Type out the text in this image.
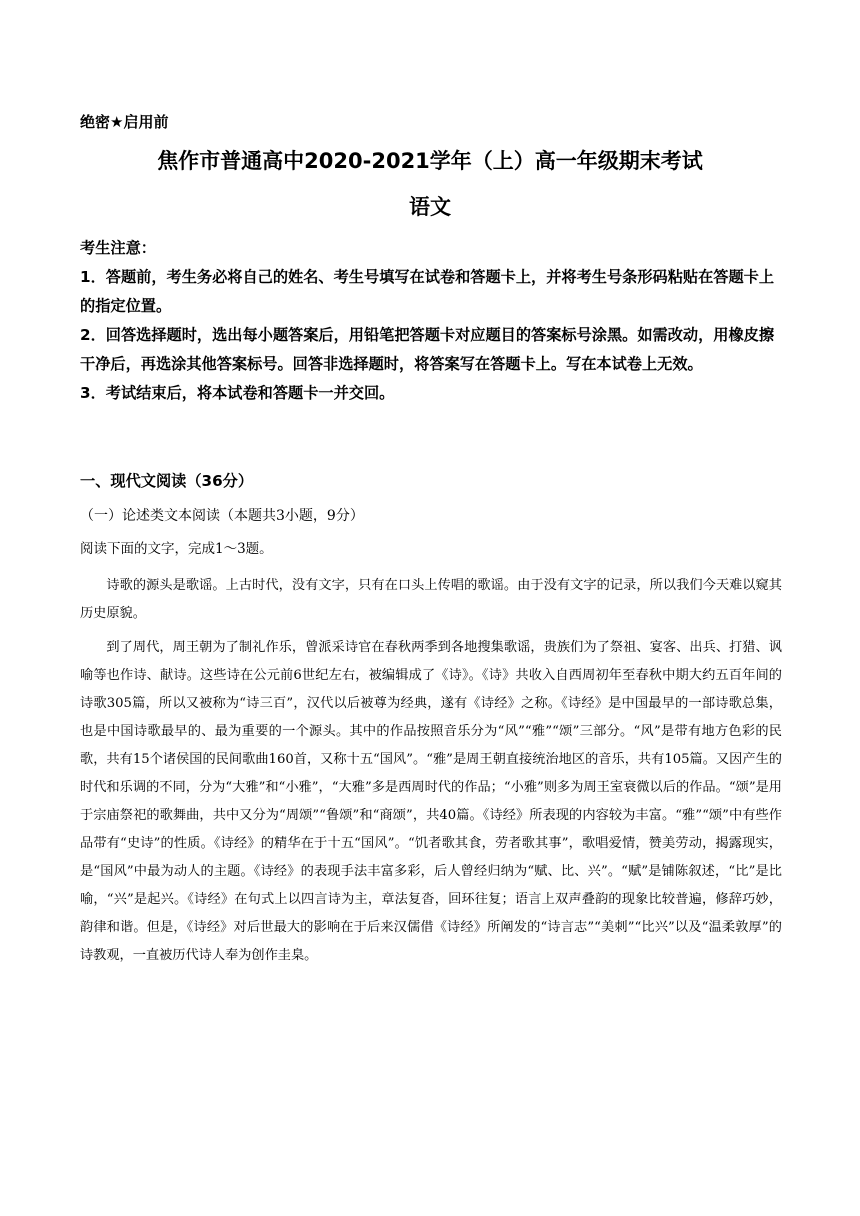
绝密★启用前
焦作市普通高中2020-2021学年（上）高一年级期末考试
语文

考生注意：

1．答题前，考生务必将自己的姓名、考生号填写在试卷和答题卡上，并将考生号条形码粘贴在答题卡上的指定位置。

2．回答选择题时，选出每小题答案后，用铅笔把答题卡对应题目的答案标号涂黑。如需改动，用橡皮擦干净后，再选涂其他答案标号。回答非选择题时，将答案写在答题卡上。写在本试卷上无效。

3．考试结束后，将本试卷和答题卡一并交回。

一、现代文阅读（36分）
（一）论述类文本阅读（本题共3小题，9分）
阅读下面的文字，完成1～3题。

诗歌的源头是歌谣。上古时代，没有文字，只有在口头上传唱的歌谣。由于没有文字的记录，所以我们今天难以窥其历史原貌。

到了周代，周王朝为了制礼作乐，曾派采诗官在春秋两季到各地搜集歌谣，贵族们为了祭祖、宴客、出兵、打猎、讽喻等也作诗、献诗。这些诗在公元前6世纪左右，被编辑成了《诗》。《诗》共收入自西周初年至春秋中期大约五百年间的诗歌305篇，所以又被称为“诗三百”，汉代以后被尊为经典，遂有《诗经》之称。《诗经》是中国最早的一部诗歌总集，也是中国诗歌最早的、最为重要的一个源头。其中的作品按照音乐分为“风”“雅”“颂”三部分。“风”是带有地方色彩的民歌，共有15个诸侯国的民间歌曲160首，又称十五“国风”。“雅”是周王朝直接统治地区的音乐，共有105篇。又因产生的时代和乐调的不同，分为“大雅”和“小雅”，“大雅”多是西周时代的作品；“小雅”则多为周王室衰微以后的作品。“颂”是用于宗庙祭祀的歌舞曲，共中又分为“周颂”“鲁颂”和“商颂”，共40篇。《诗经》所表现的内容较为丰富。“雅”“颂”中有些作品带有“史诗”的性质。《诗经》的精华在于十五“国风”。“饥者歌其食，劳者歌其事”，歌唱爱情，赞美劳动，揭露现实，是“国风”中最为动人的主题。《诗经》的表现手法丰富多彩，后人曾经归纳为“赋、比、兴”。“赋”是铺陈叙述，“比”是比喻，“兴”是起兴。《诗经》在句式上以四言诗为主，章法复沓，回环往复；语言上双声叠韵的现象比较普遍，修辞巧妙，韵律和谐。但是，《诗经》对后世最大的影响在于后来汉儒借《诗经》所阐发的“诗言志”“美刺”“比兴”以及“温柔敦厚”的诗教观，一直被历代诗人奉为创作圭臬。
